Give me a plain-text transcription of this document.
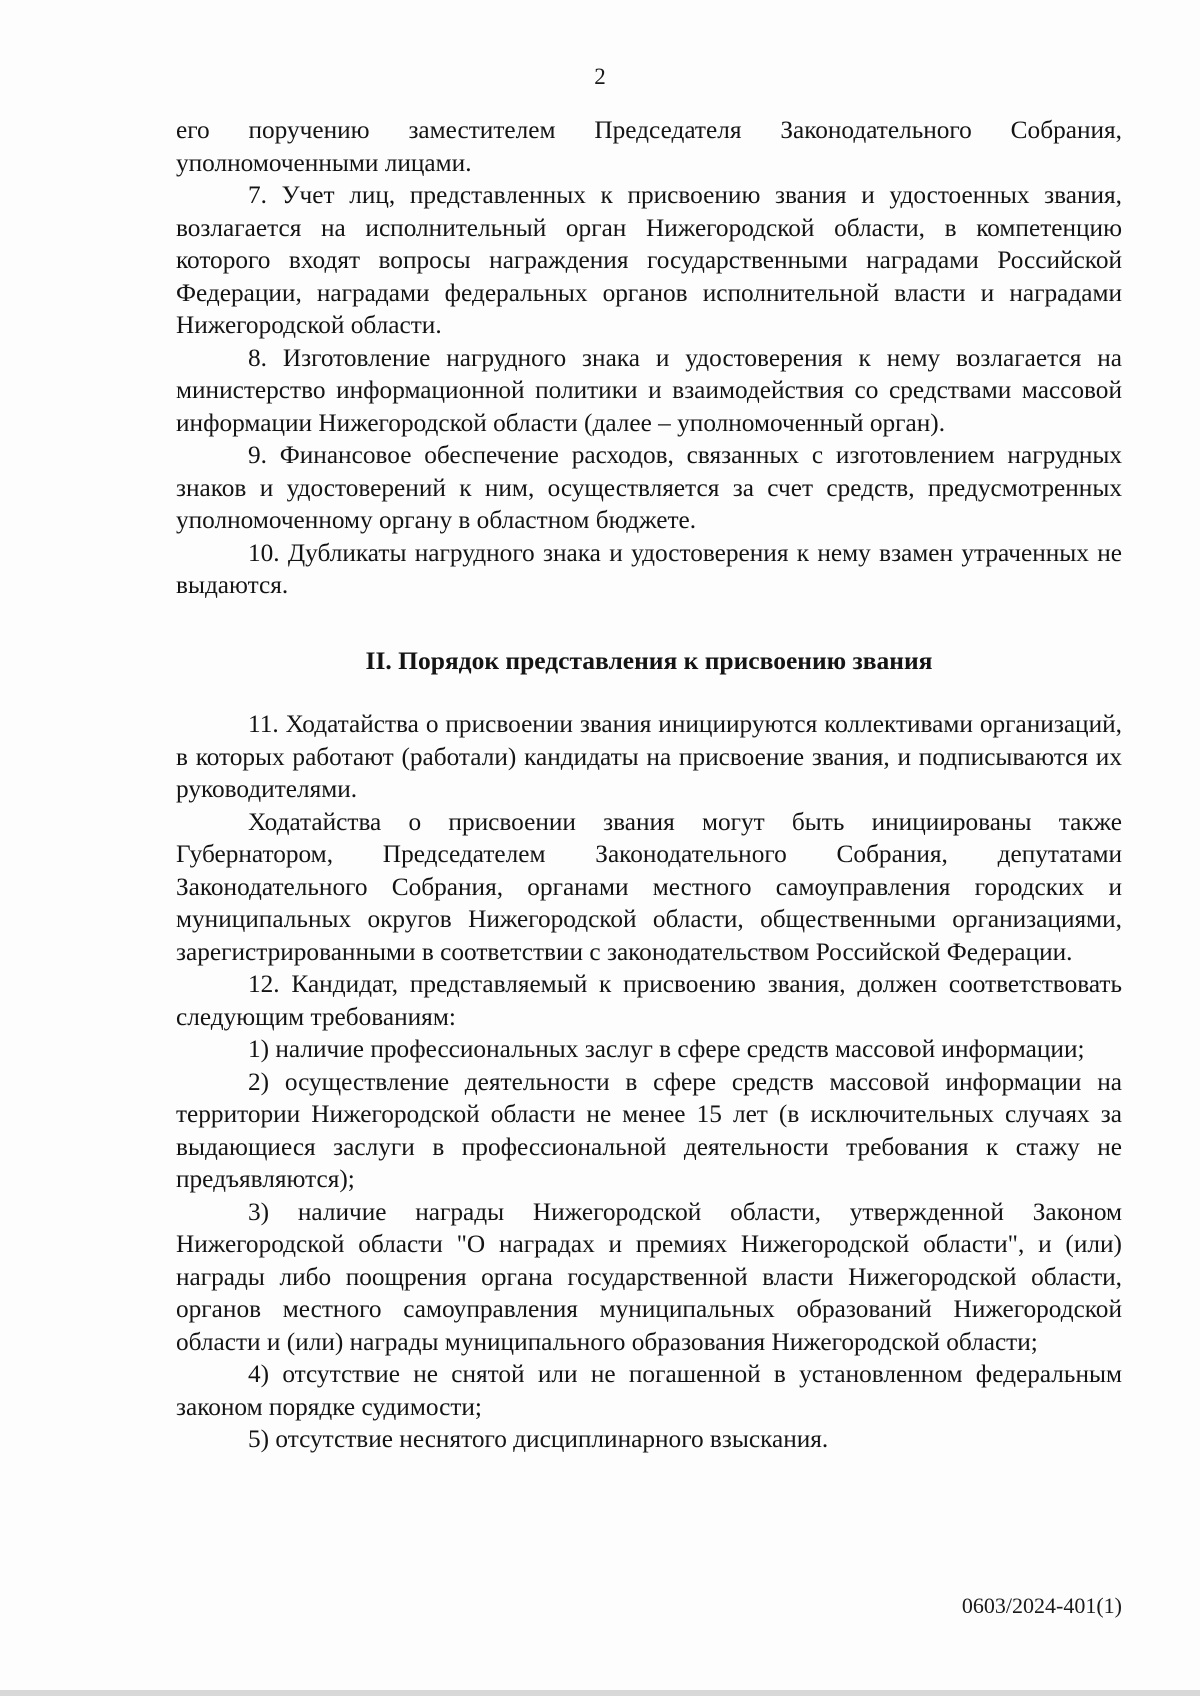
2

его поручению заместителем Председателя Законодательного Собрания, уполномоченными лицами.

7. Учет лиц, представленных к присвоению звания и удостоенных звания, возлагается на исполнительный орган Нижегородской области, в компетенцию которого входят вопросы награждения государственными наградами Российской Федерации, наградами федеральных органов исполнительной власти и наградами Нижегородской области.

8. Изготовление нагрудного знака и удостоверения к нему возлагается на министерство информационной политики и взаимодействия со средствами массовой информации Нижегородской области (далее – уполномоченный орган).

9. Финансовое обеспечение расходов, связанных с изготовлением нагрудных знаков и удостоверений к ним, осуществляется за счет средств, предусмотренных уполномоченному органу в областном бюджете.

10. Дубликаты нагрудного знака и удостоверения к нему взамен утраченных не выдаются.

II. Порядок представления к присвоению звания

11. Ходатайства о присвоении звания инициируются коллективами организаций, в которых работают (работали) кандидаты на присвоение звания, и подписываются их руководителями.

Ходатайства о присвоении звания могут быть инициированы также Губернатором, Председателем Законодательного Собрания, депутатами Законодательного Собрания, органами местного самоуправления городских и муниципальных округов Нижегородской области, общественными организациями, зарегистрированными в соответствии с законодательством Российской Федерации.

12. Кандидат, представляемый к присвоению звания, должен соответствовать следующим требованиям:

1) наличие профессиональных заслуг в сфере средств массовой информации;

2) осуществление деятельности в сфере средств массовой информации на территории Нижегородской области не менее 15 лет (в исключительных случаях за выдающиеся заслуги в профессиональной деятельности требования к стажу не предъявляются);

3) наличие награды Нижегородской области, утвержденной Законом Нижегородской области "О наградах и премиях Нижегородской области", и (или) награды либо поощрения органа государственной власти Нижегородской области, органов местного самоуправления муниципальных образований Нижегородской области и (или) награды муниципального образования Нижегородской области;

4) отсутствие не снятой или не погашенной в установленном федеральным законом порядке судимости;

5) отсутствие неснятого дисциплинарного взыскания.

0603/2024-401(1)
